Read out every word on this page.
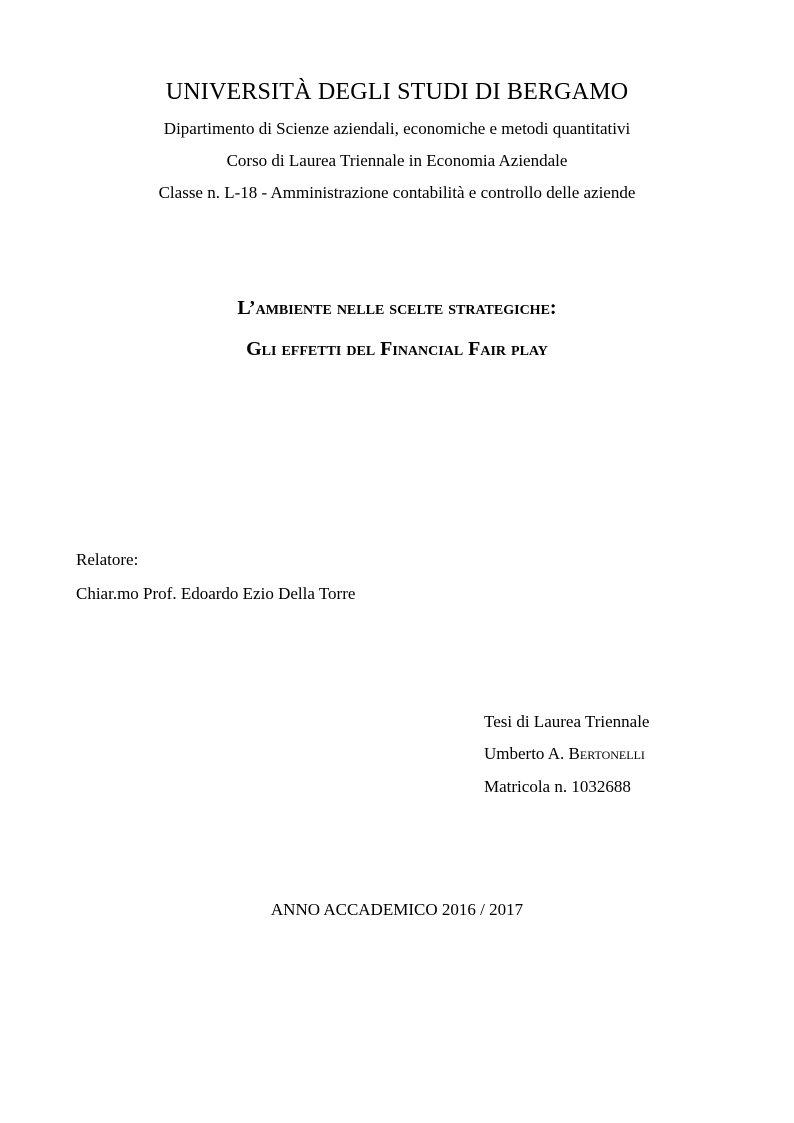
UNIVERSITÀ DEGLI STUDI DI BERGAMO
Dipartimento di Scienze aziendali, economiche e metodi quantitativi
Corso di Laurea Triennale in Economia Aziendale
Classe n. L-18 - Amministrazione contabilità e controllo delle aziende
L’ambiente nelle scelte strategiche:
Gli effetti del Financial Fair play
Relatore:
Chiar.mo Prof. Edoardo Ezio Della Torre
Tesi di Laurea Triennale
Umberto A. Bertonelli
Matricola n. 1032688
ANNO ACCADEMICO 2016 / 2017
